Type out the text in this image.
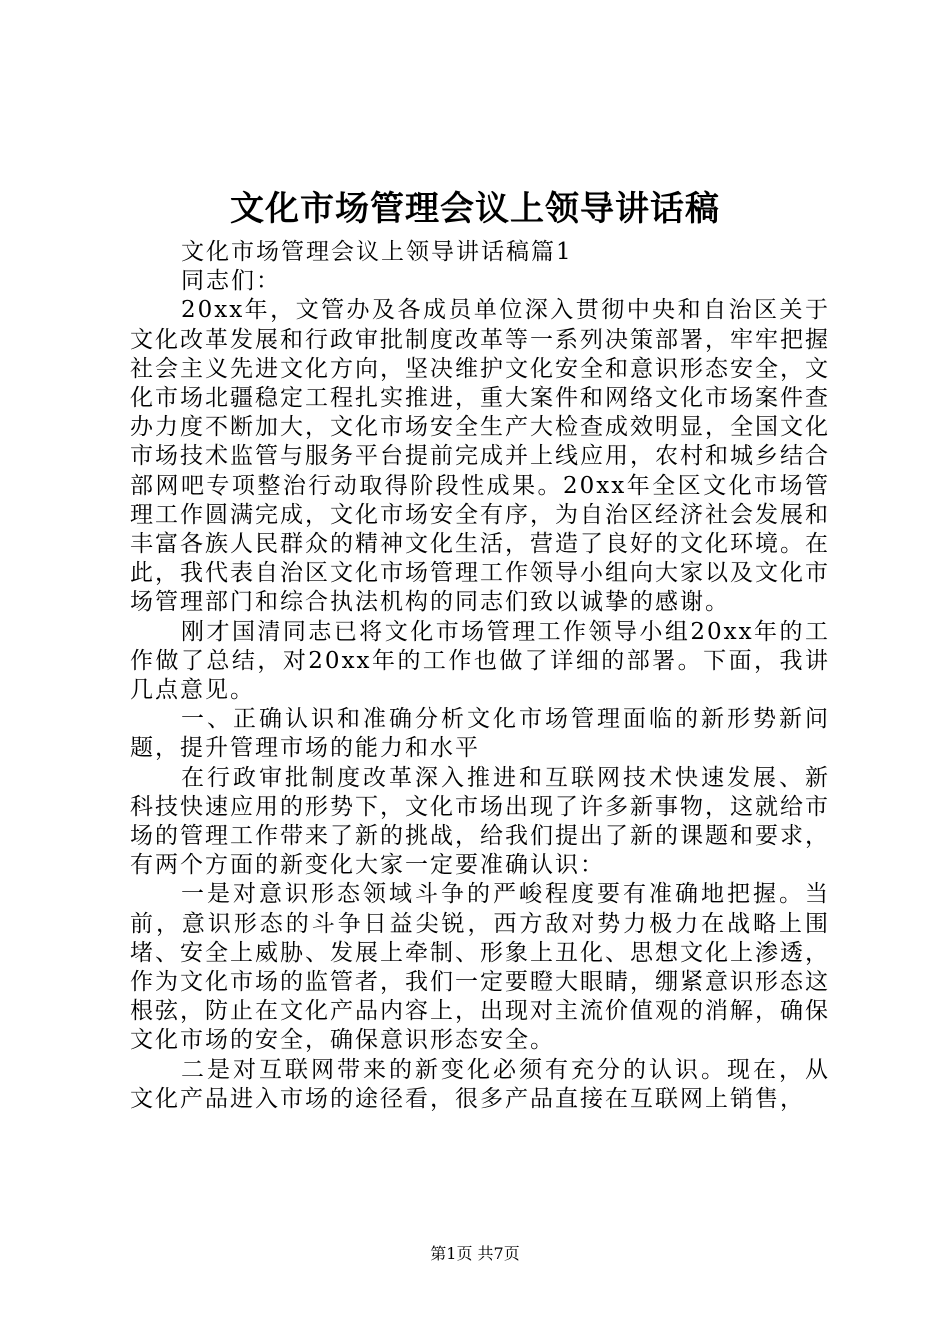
文化市场管理会议上领导讲话稿

文化市场管理会议上领导讲话稿篇1

同志们：

20xx年，文管办及各成员单位深入贯彻中央和自治区关于文化改革发展和行政审批制度改革等一系列决策部署，牢牢把握社会主义先进文化方向，坚决维护文化安全和意识形态安全，文化市场北疆稳定工程扎实推进，重大案件和网络文化市场案件查办力度不断加大，文化市场安全生产大检查成效明显，全国文化市场技术监管与服务平台提前完成并上线应用，农村和城乡结合部网吧专项整治行动取得阶段性成果。20xx年全区文化市场管理工作圆满完成，文化市场安全有序，为自治区经济社会发展和丰富各族人民群众的精神文化生活，营造了良好的文化环境。在此，我代表自治区文化市场管理工作领导小组向大家以及文化市场管理部门和综合执法机构的同志们致以诚挚的感谢。

刚才国清同志已将文化市场管理工作领导小组20xx年的工作做了总结，对20xx年的工作也做了详细的部署。下面，我讲几点意见。

一、正确认识和准确分析文化市场管理面临的新形势新问题，提升管理市场的能力和水平

在行政审批制度改革深入推进和互联网技术快速发展、新科技快速应用的形势下，文化市场出现了许多新事物，这就给市场的管理工作带来了新的挑战，给我们提出了新的课题和要求，有两个方面的新变化大家一定要准确认识：

一是对意识形态领域斗争的严峻程度要有准确地把握。当前，意识形态的斗争日益尖锐，西方敌对势力极力在战略上围堵、安全上威胁、发展上牵制、形象上丑化、思想文化上渗透，作为文化市场的监管者，我们一定要瞪大眼睛，绷紧意识形态这根弦，防止在文化产品内容上，出现对主流价值观的消解，确保文化市场的安全，确保意识形态安全。

二是对互联网带来的新变化必须有充分的认识。现在，从文化产品进入市场的途径看，很多产品直接在互联网上销售，

第1页 共7页
